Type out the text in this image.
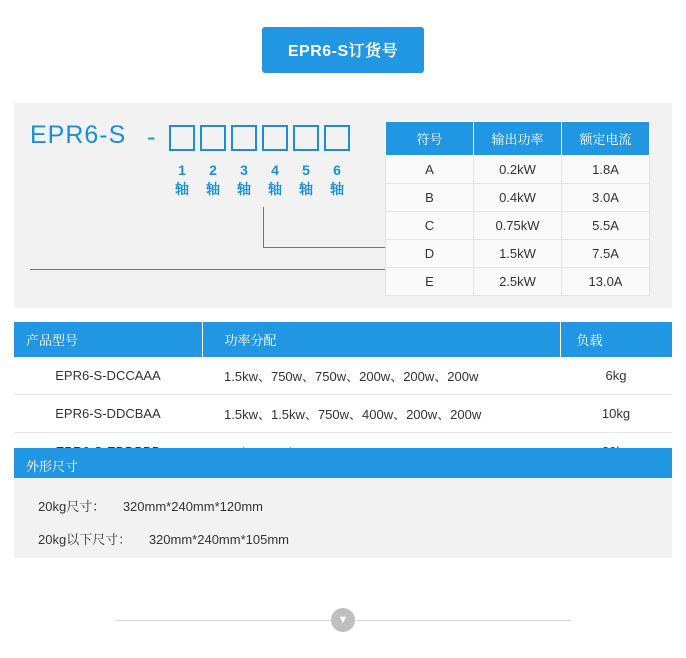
EPR6-S订货号
EPR6-S -
1
轴
2
轴
3
轴
4
轴
5
轴
6
轴
符号	输出功率	额定电流
A	0.2kW	1.8A
B	0.4kW	3.0A
C	0.75kW	5.5A
D	1.5kW	7.5A
E	2.5kW	13.0A
产品型号	功率分配	负载
EPR6-S-DCCAAA	1.5kw、750w、750w、200w、200w、200w	6kg
EPR6-S-DDCBAA	1.5kw、1.5kw、750w、400w、200w、200w	10kg

外形尺寸
20kg尺寸： 320mm*240mm*120mm
20kg以下尺寸： 320mm*240mm*105mm
▼
